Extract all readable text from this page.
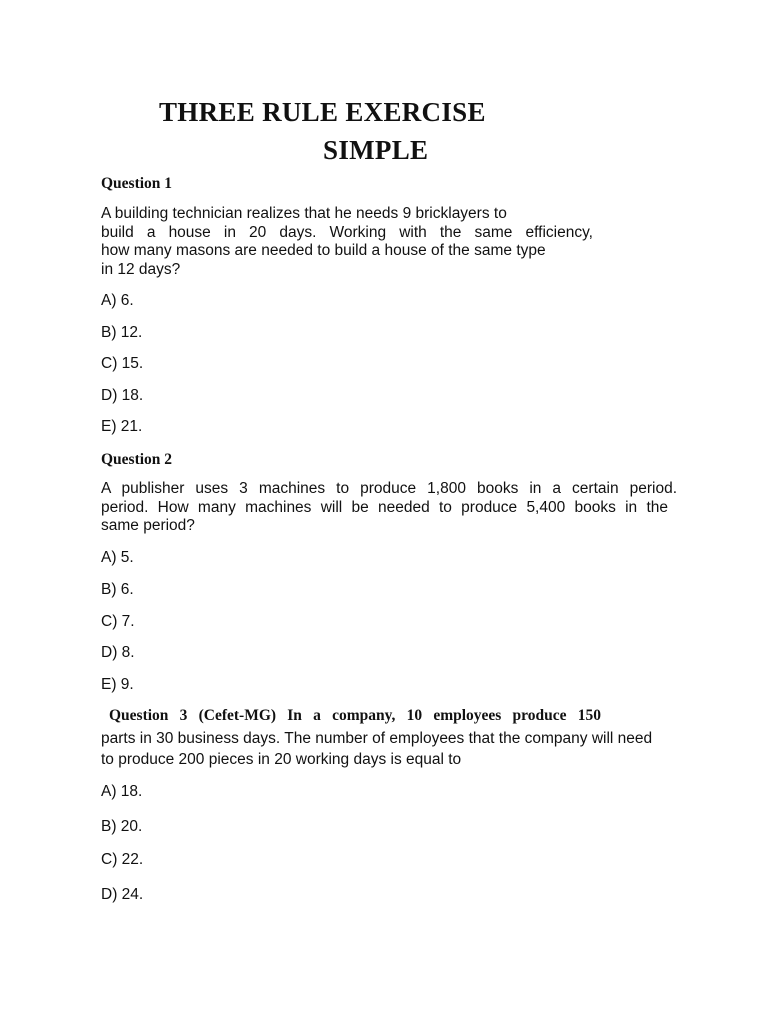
THREE RULE EXERCISE
SIMPLE
Question 1
A building technician realizes that he needs 9 bricklayers to
build a house in 20 days. Working with the same efficiency,
how many masons are needed to build a house of the same type
in 12 days?
A) 6.
B) 12.
C) 15.
D) 18.
E) 21.
Question 2
A publisher uses 3 machines to produce 1,800 books in a certain period.
period. How many machines will be needed to produce 5,400 books in the
same period?
A) 5.
B) 6.
C) 7.
D) 8.
E) 9.
Question 3 (Cefet-MG) In a company, 10 employees produce 150
parts in 30 business days. The number of employees that the company will need
to produce 200 pieces in 20 working days is equal to
A) 18.
B) 20.
C) 22.
D) 24.
